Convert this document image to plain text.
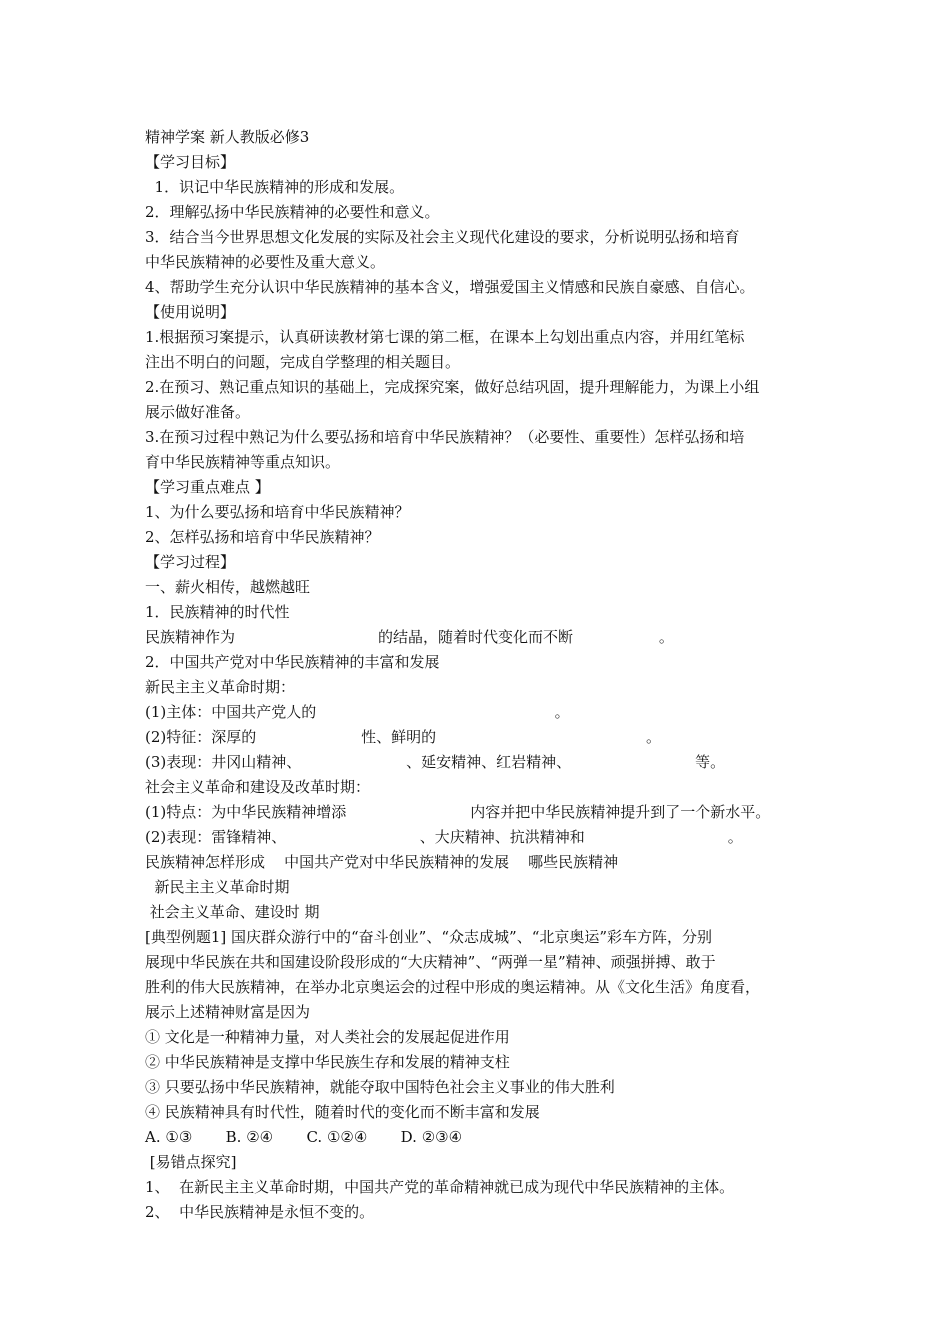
精神学案 新人教版必修3
【学习目标】
1．识记中华民族精神的形成和发展。
2．理解弘扬中华民族精神的必要性和意义。
3．结合当今世界思想文化发展的实际及社会主义现代化建设的要求，分析说明弘扬和培育
中华民族精神的必要性及重大意义。
4、帮助学生充分认识中华民族精神的基本含义，增强爱国主义情感和民族自豪感、自信心。
【使用说明】
1.根据预习案提示，认真研读教材第七课的第二框，在课本上勾划出重点内容，并用红笔标
注出不明白的问题，完成自学整理的相关题目。
2.在预习、熟记重点知识的基础上，完成探究案，做好总结巩固，提升理解能力，为课上小组
展示做好准备。
3.在预习过程中熟记为什么要弘扬和培育中华民族精神？（必要性、重要性）怎样弘扬和培
育中华民族精神等重点知识。
【学习重点难点 】
1、为什么要弘扬和培育中华民族精神？
2、怎样弘扬和培育中华民族精神？
【学习过程】
一、薪火相传，越燃越旺
1．民族精神的时代性
民族精神作为                              的结晶，随着时代变化而不断                  。
2．中国共产党对中华民族精神的丰富和发展
新民主主义革命时期：
(1)主体：中国共产党人的                                                  。
(2)特征：深厚的                      性、鲜明的                                            。
(3)表现：井冈山精神、                      、延安精神、红岩精神、                          等。
社会主义革命和建设及改革时期：
(1)特点：为中华民族精神增添                          内容并把中华民族精神提升到了一个新水平。
(2)表现：雷锋精神、                            、大庆精神、抗洪精神和                              。
民族精神怎样形成    中国共产党对中华民族精神的发展    哪些民族精神
新民主主义革命时期
社会主义革命、建设时 期
[典型例题1] 国庆群众游行中的“奋斗创业”、“众志成城”、“北京奥运”彩车方阵，分别
展现中华民族在共和国建设阶段形成的“大庆精神”、“两弹一星”精神、顽强拼搏、敢于
胜利的伟大民族精神，在举办北京奥运会的过程中形成的奥运精神。从《文化生活》角度看，
展示上述精神财富是因为
① 文化是一种精神力量，对人类社会的发展起促进作用
② 中华民族精神是支撑中华民族生存和发展的精神支柱
③ 只要弘扬中华民族精神，就能夺取中国特色社会主义事业的伟大胜利
④ 民族精神具有时代性，随着时代的变化而不断丰富和发展
A. ①③       B. ②④       C. ①②④       D. ②③④
[易错点探究]
1、  在新民主主义革命时期，中国共产党的革命精神就已成为现代中华民族精神的主体。
2、  中华民族精神是永恒不变的。
